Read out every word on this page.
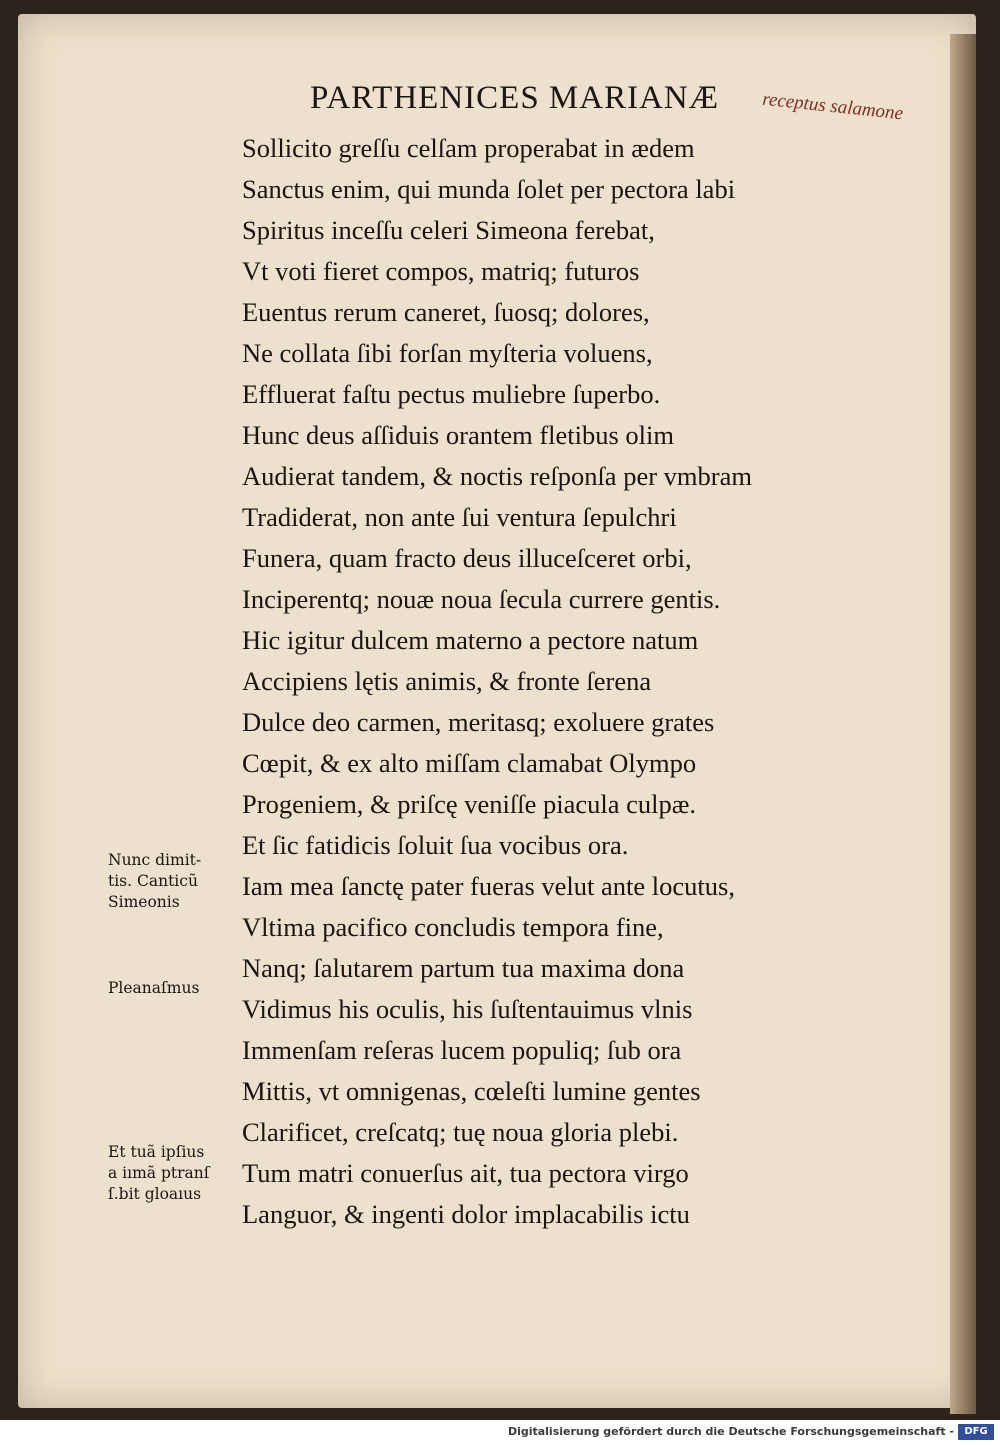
PARTHENICES MARIANÆ receptus salamone
Sollicito greſſu celſam properabat in ædem
Sanctus enim, qui munda ſolet per pectora labi
Spiritus inceſſu celeri Simeona ferebat,
Vt voti fieret compos, matriq; futuros
Euentus rerum caneret, ſuosq; dolores,
Ne collata ſibi forſan myſteria voluens,
Effluerat faſtu pectus muliebre ſuperbo.
Hunc deus aſſiduis orantem fletibus olim
Audierat tandem, & noctis reſponſa per vmbram
Tradiderat, non ante ſui ventura ſepulchri
Funera, quam fracto deus illuceſceret orbi,
Inciperentq; nouæ noua ſecula currere gentis.
Hic igitur dulcem materno a pectore natum
Accipiens lętis animis, & fronte ſerena
Dulce deo carmen, meritasq; exoluere grates
Cœpit, & ex alto miſſam clamabat Olympo
Progeniem, & priſcę veniſſe piacula culpæ.
Et ſic fatidicis ſoluit ſua vocibus ora.
Iam mea ſanctę pater fueras velut ante locutus,
Vltima pacifico concludis tempora fine,
Nanq; ſalutarem partum tua maxima dona
Vidimus his oculis, his ſuſtentauimus vlnis
Immenſam reſeras lucem populiq; ſub ora
Mittis, vt omnigenas, cœleſti lumine gentes
Clarificet, creſcatq; tuę noua gloria plebi.
Tum matri conuerſus ait, tua pectora virgo
Languor, & ingenti dolor implacabilis ictu
Nunc dimit-
tis. Canticũ
Simeonis
Pleanaſmus
Et tuã ipſius
a iımã ptranſ
ſ.bit gloaıus
Digitalisierung gefördert durch die Deutsche Forschungsgemeinschaft -	DFG
